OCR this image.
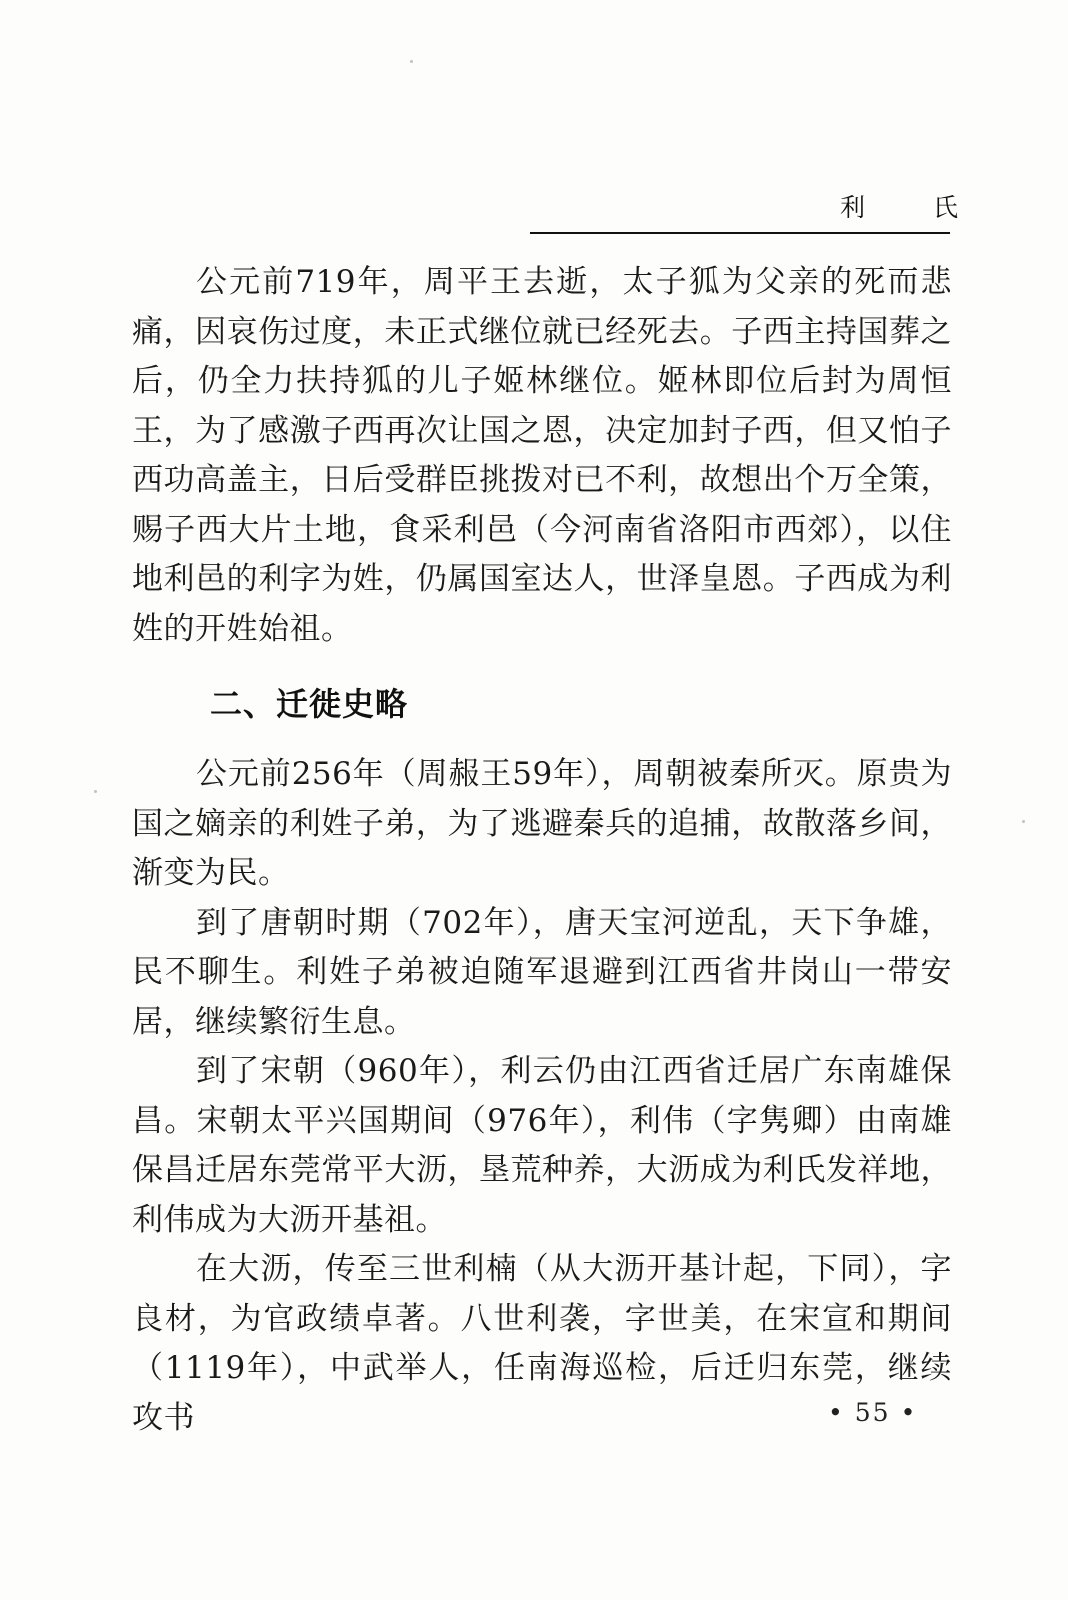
利 氏

公元前719年，周平王去逝，太子狐为父亲的死而悲痛，因哀伤过度，未正式继位就已经死去。子西主持国葬之后，仍全力扶持狐的儿子姬林继位。姬林即位后封为周恒王，为了感激子西再次让国之恩，决定加封子西，但又怕子西功高盖主，日后受群臣挑拨对已不利，故想出个万全策，赐子西大片土地，食采利邑（今河南省洛阳市西郊），以住地利邑的利字为姓，仍属国室达人，世泽皇恩。子西成为利姓的开姓始祖。

二、迁徙史略

公元前256年（周赧王59年），周朝被秦所灭。原贵为国之嫡亲的利姓子弟，为了逃避秦兵的追捕，故散落乡间，渐变为民。

到了唐朝时期（702年），唐天宝河逆乱，天下争雄，民不聊生。利姓子弟被迫随军退避到江西省井岗山一带安居，继续繁衍生息。

到了宋朝（960年），利云仍由江西省迁居广东南雄保昌。宋朝太平兴国期间（976年），利伟（字隽卿）由南雄保昌迁居东莞常平大沥，垦荒种养，大沥成为利氏发祥地，利伟成为大沥开基祖。

在大沥，传至三世利楠（从大沥开基计起，下同），字良材，为官政绩卓著。八世利袭，字世美，在宋宣和期间（1119年），中武举人，任南海巡检，后迁归东莞，继续攻书	• 55 •
